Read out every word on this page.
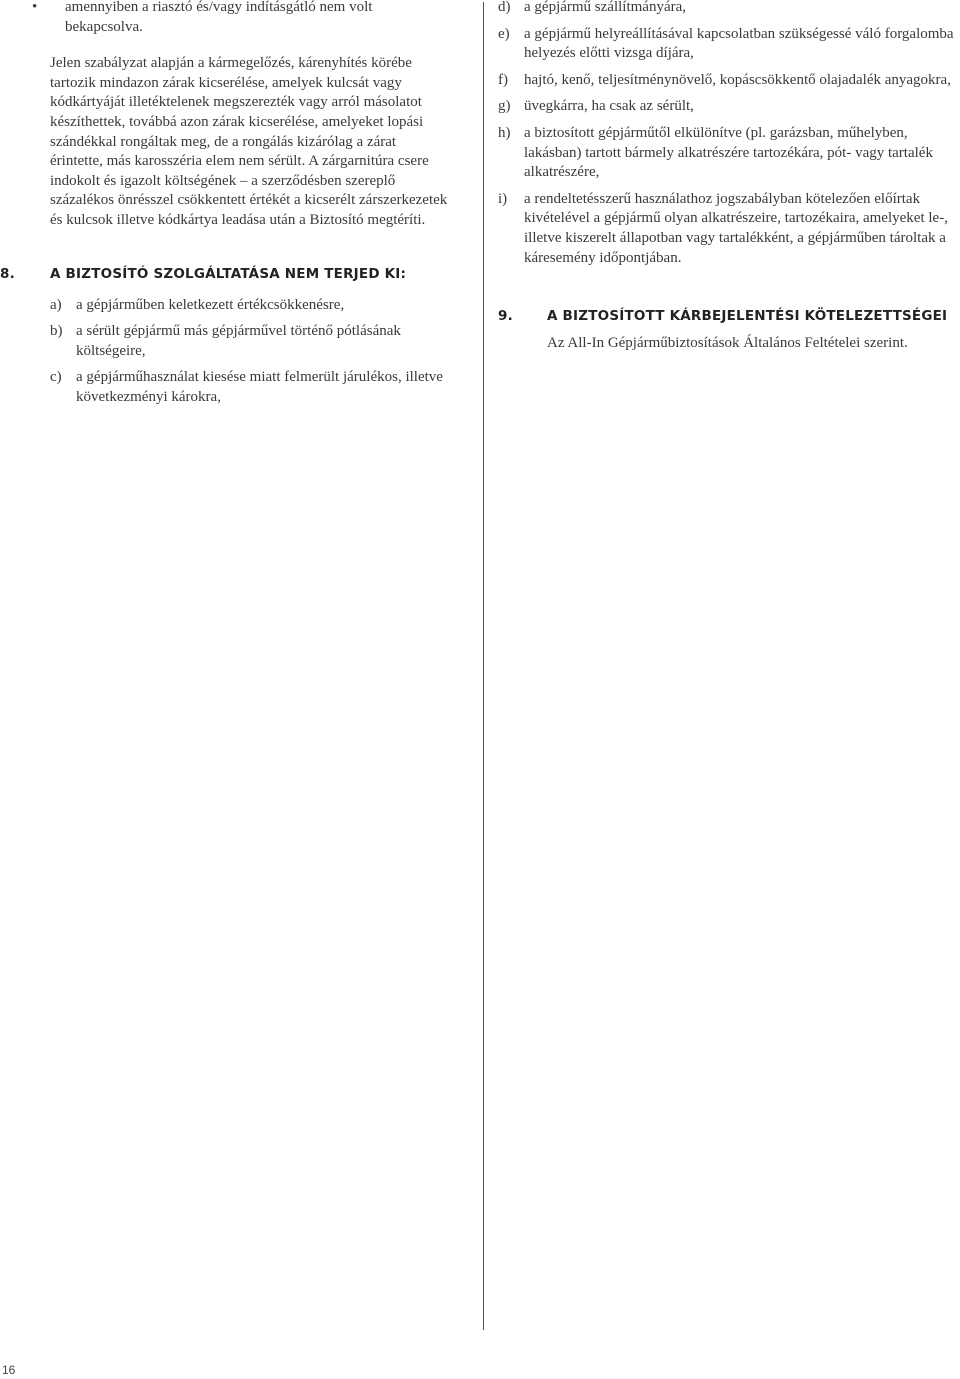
• amennyiben a riasztó és/vagy indításgátló nem volt bekapcsolva.

Jelen szabályzat alapján a kármegelőzés, kárenyhítés körébe tartozik mindazon zárak kicserélése, amelyek kulcsát vagy kódkártyáját illetéktelenek megszerezték vagy arról másolatot készíthettek, továbbá azon zárak kicserélése, amelyeket lopási szándékkal rongáltak meg, de a rongálás kizárólag a zárat érintette, más karosszéria elem nem sérült. A zárgarnitúra csere indokolt és igazolt költségének – a szerződésben szereplő százalékos önrésszel csökkentett értékét a kicserélt zárszerkezetek és kulcsok illetve kódkártya leadása után a Biztosító megtéríti.

8.	A BIZTOSÍTÓ SZOLGÁLTATÁSA NEM TERJED KI:
a) a gépjárműben keletkezett értékcsökkenésre,
b) a sérült gépjármű más gépjárművel történő pótlásának költségeire,
c) a gépjárműhasználat kiesése miatt felmerült járulékos, illetve következményi károkra,
d) a gépjármű szállítmányára,
e) a gépjármű helyreállításával kapcsolatban szükségessé váló forgalomba helyezés előtti vizsga díjára,
f) hajtó, kenő, teljesítménynövelő, kopáscsökkentő olajadalék anyagokra,
g) üvegkárra, ha csak az sérült,
h) a biztosított gépjárműtől elkülönítve (pl. garázsban, műhelyben, lakásban) tartott bármely alkatrészére tartozékára, pót- vagy tartalék alkatrészére,
i) a rendeltetésszerű használathoz jogszabályban kötelezően előírtak kivételével a gépjármű olyan alkatrészeire, tartozékaira, amelyeket le-, illetve kiszerelt állapotban vagy tartalékként, a gépjárműben tároltak a káresemény időpontjában.
9.	A BIZTOSÍTOTT KÁRBEJELENTÉSI KÖTELEZETTSÉGEI

Az All-In Gépjárműbiztosítások Általános Feltételei szerint.

16
